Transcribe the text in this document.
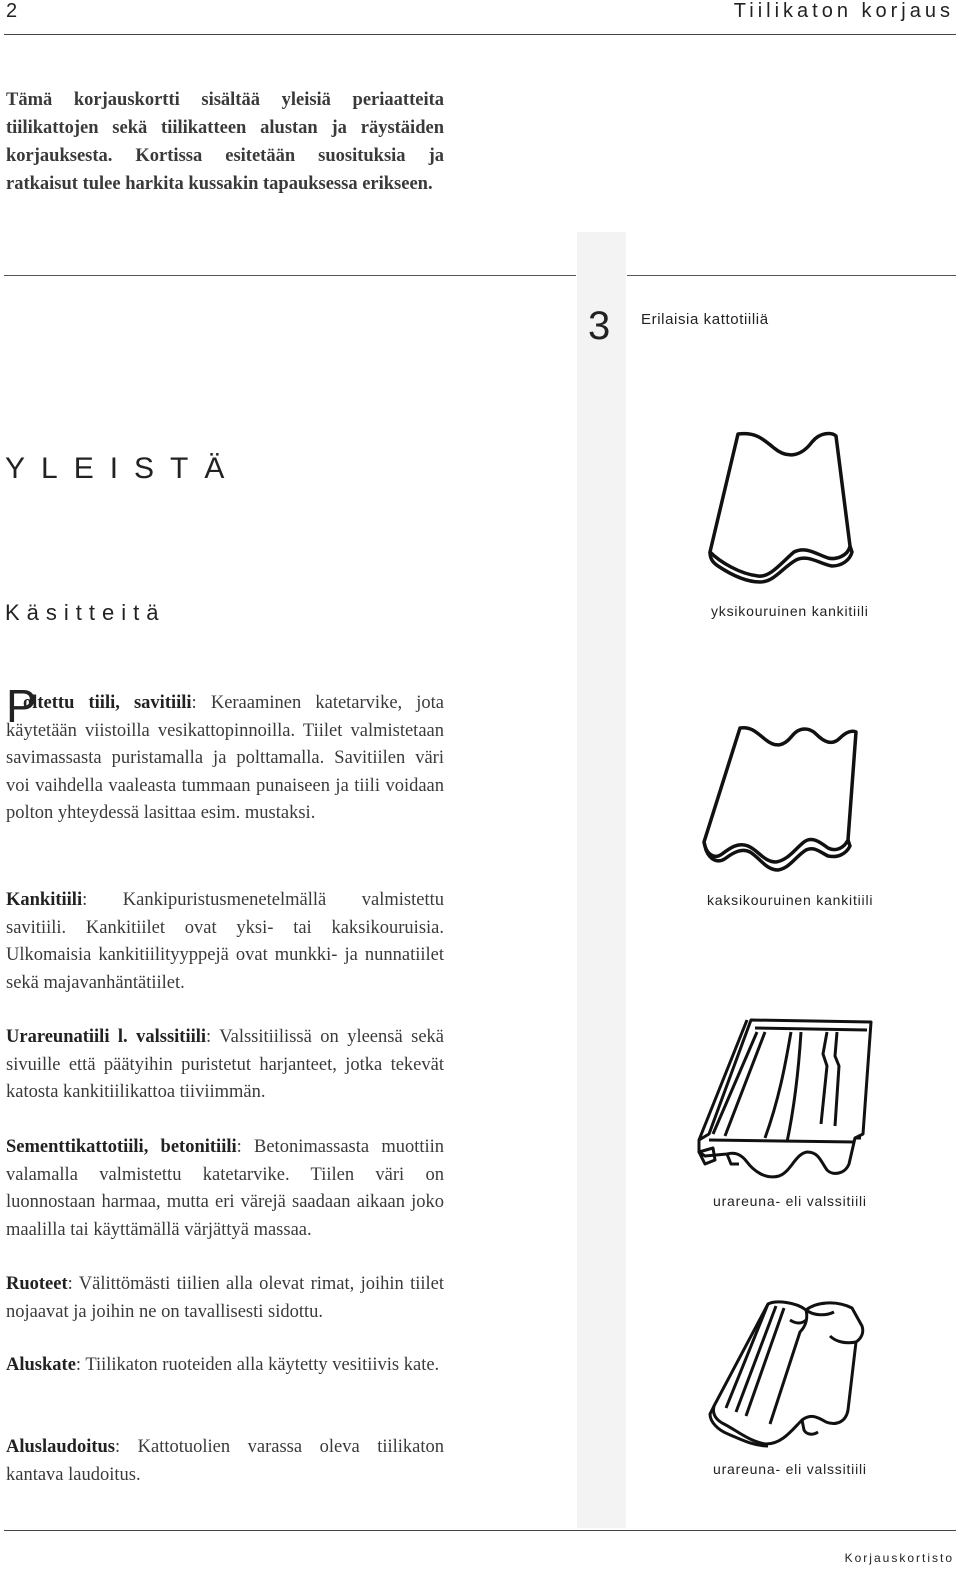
2	Tiilikaton korjaus
Tämä korjauskortti sisältää yleisiä periaatteita tiilikattojen sekä tiilikatteen alustan ja räystäiden korjauksesta. Kortissa esitetään suosituksia ja ratkaisut tulee harkita kussakin tapauksessa erikseen.
3 Erilaisia kattotiiliä
YLEISTÄ
Käsitteitä
P
oltettu tiili, savitiili: Keraaminen katetarvike, jota käytetään viistoilla vesikattopinnoilla. Tiilet valmistetaan savimassasta puristamalla ja polttamalla. Savitiilen väri voi vaihdella vaaleasta tummaan punaiseen ja tiili voidaan polton yhteydessä lasittaa esim. mustaksi.
Kankitiili: Kankipuristusmenetelmällä valmistettu savitiili. Kankitiilet ovat yksi- tai kaksikouruisia. Ulkomaisia kankitiilityyppejä ovat munkki- ja nunnatiilet sekä majavanhäntätiilet.
Urareunatiili l. valssitiili: Valssitiilissä on yleensä sekä sivuille että päätyihin puristetut harjanteet, jotka tekevät katosta kankitiilikattoa tiiviimmän.
Sementtikattotiili, betonitiili: Betonimassasta muottiin valamalla valmistettu katetarvike. Tiilen väri on luonnostaan harmaa, mutta eri värejä saadaan aikaan joko maalilla tai käyttämällä värjättyä massaa.
Ruoteet: Välittömästi tiilien alla olevat rimat, joihin tiilet nojaavat ja joihin ne on tavallisesti sidottu.
Aluskate: Tiilikaton ruoteiden alla käytetty vesitiivis kate.
Aluslaudoitus: Kattotuolien varassa oleva tiilikaton kantava laudoitus.
yksikouruinen kankitiili
kaksikouruinen kankitiili
urareuna- eli valssitiili
urareuna- eli valssitiili
Korjauskortisto
